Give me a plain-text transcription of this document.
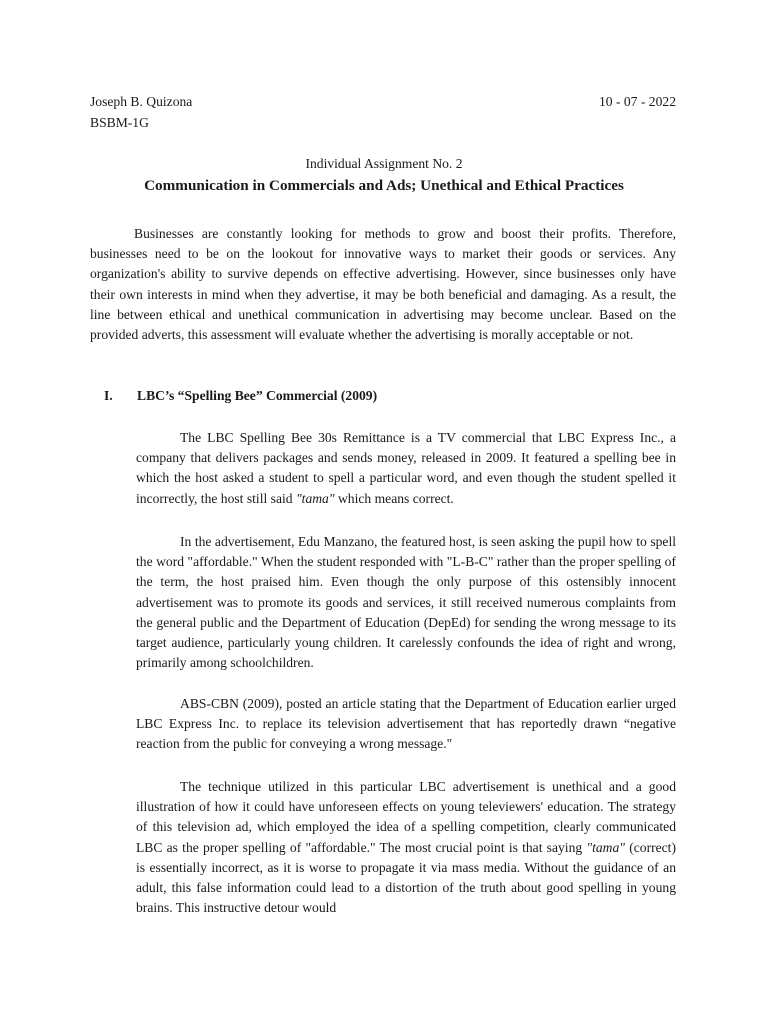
Joseph B. Quizona	10 - 07 - 2022
BSBM-1G
Individual Assignment No. 2
Communication in Commercials and Ads; Unethical and Ethical Practices

Businesses are constantly looking for methods to grow and boost their profits. Therefore, businesses need to be on the lookout for innovative ways to market their goods or services. Any organization's ability to survive depends on effective advertising. However, since businesses only have their own interests in mind when they advertise, it may be both beneficial and damaging. As a result, the line between ethical and unethical communication in advertising may become unclear. Based on the provided adverts, this assessment will evaluate whether the advertising is morally acceptable or not.

I.	LBC’s “Spelling Bee” Commercial (2009)

The LBC Spelling Bee 30s Remittance is a TV commercial that LBC Express Inc., a company that delivers packages and sends money, released in 2009. It featured a spelling bee in which the host asked a student to spell a particular word, and even though the student spelled it incorrectly, the host still said "tama" which means correct.

In the advertisement, Edu Manzano, the featured host, is seen asking the pupil how to spell the word "affordable." When the student responded with "L-B-C" rather than the proper spelling of the term, the host praised him. Even though the only purpose of this ostensibly innocent advertisement was to promote its goods and services, it still received numerous complaints from the general public and the Department of Education (DepEd) for sending the wrong message to its target audience, particularly young children. It carelessly confounds the idea of right and wrong, primarily among schoolchildren.

ABS-CBN (2009), posted an article stating that the Department of Education earlier urged LBC Express Inc. to replace its television advertisement that has reportedly drawn “negative reaction from the public for conveying a wrong message."

The technique utilized in this particular LBC advertisement is unethical and a good illustration of how it could have unforeseen effects on young televiewers' education. The strategy of this television ad, which employed the idea of a spelling competition, clearly communicated LBC as the proper spelling of "affordable." The most crucial point is that saying "tama" (correct) is essentially incorrect, as it is worse to propagate it via mass media. Without the guidance of an adult, this false information could lead to a distortion of the truth about good spelling in young brains. This instructive detour would
